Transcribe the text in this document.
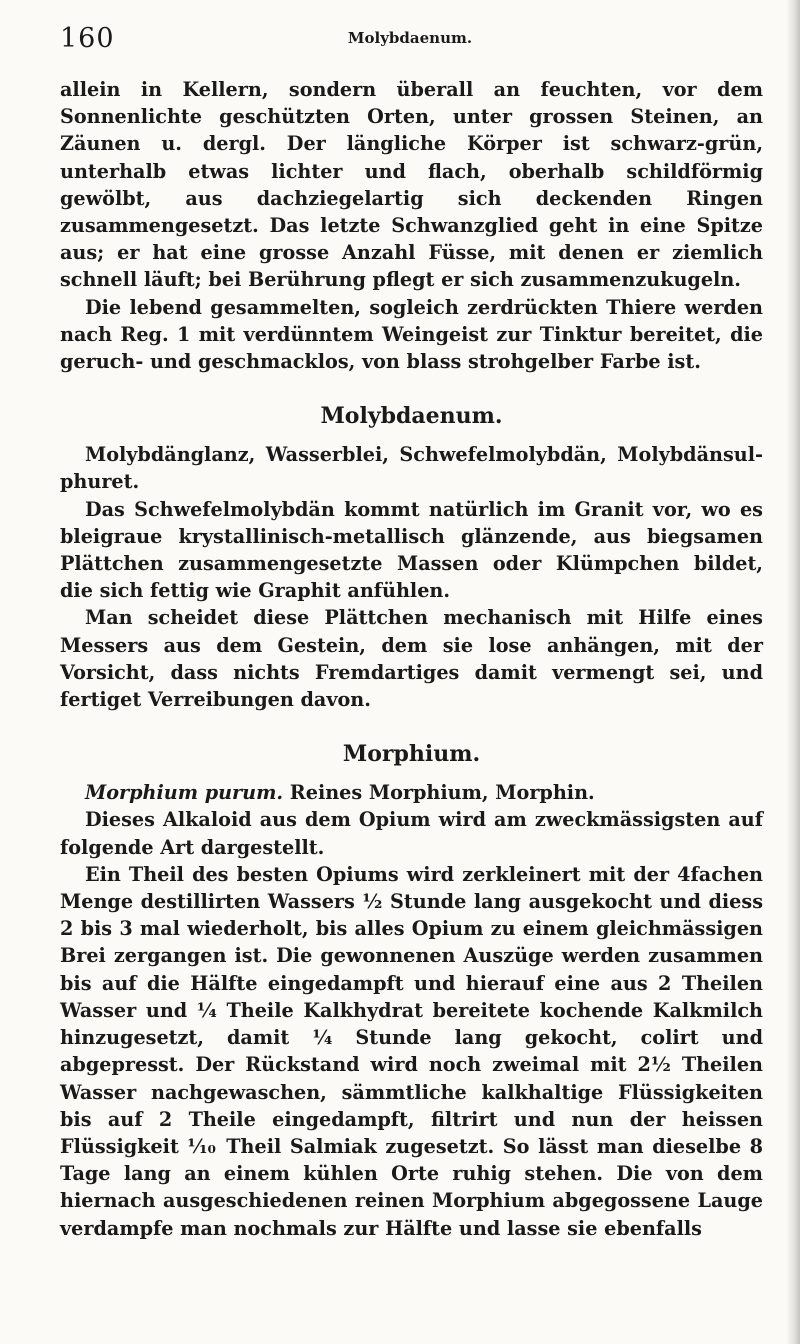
160	Molybdaenum.

allein in Kellern, sondern überall an feuchten, vor dem Sonnenlichte geschützten Orten, unter grossen Steinen, an Zäunen u. dergl. Der längliche Körper ist schwarz-grün, unterhalb etwas lichter und flach, oberhalb schildförmig gewölbt, aus dachziegelartig sich deckenden Ringen zusammengesetzt. Das letzte Schwanzglied geht in eine Spitze aus; er hat eine grosse Anzahl Füsse, mit denen er ziemlich schnell läuft; bei Berührung pflegt er sich zusammenzukugeln.

Die lebend gesammelten, sogleich zerdrückten Thiere werden nach Reg. 1 mit verdünntem Weingeist zur Tinktur bereitet, die geruch- und geschmacklos, von blass strohgelber Farbe ist.

Molybdaenum.

Molybdänglanz, Wasserblei, Schwefelmolybdän, Molybdänsulphuret.

Das Schwefelmolybdän kommt natürlich im Granit vor, wo es bleigraue krystallinisch-metallisch glänzende, aus biegsamen Plättchen zusammengesetzte Massen oder Klümpchen bildet, die sich fettig wie Graphit anfühlen.

Man scheidet diese Plättchen mechanisch mit Hilfe eines Messers aus dem Gestein, dem sie lose anhängen, mit der Vorsicht, dass nichts Fremdartiges damit vermengt sei, und fertiget Verreibungen davon.

Morphium.

Morphium purum. Reines Morphium, Morphin.

Dieses Alkaloid aus dem Opium wird am zweckmässigsten auf folgende Art dargestellt.

Ein Theil des besten Opiums wird zerkleinert mit der 4fachen Menge destillirten Wassers ½ Stunde lang ausgekocht und diess 2 bis 3 mal wiederholt, bis alles Opium zu einem gleichmässigen Brei zergangen ist. Die gewonnenen Auszüge werden zusammen bis auf die Hälfte eingedampft und hierauf eine aus 2 Theilen Wasser und ¼ Theile Kalkhydrat bereitete kochende Kalkmilch hinzugesetzt, damit ¼ Stunde lang gekocht, colirt und abgepresst. Der Rückstand wird noch zweimal mit 2½ Theilen Wasser nachgewaschen, sämmtliche kalkhaltige Flüssigkeiten bis auf 2 Theile eingedampft, filtrirt und nun der heissen Flüssigkeit ⅒ Theil Salmiak zugesetzt. So lässt man dieselbe 8 Tage lang an einem kühlen Orte ruhig stehen. Die von dem hiernach ausgeschiedenen reinen Morphium abgegossene Lauge verdampfe man nochmals zur Hälfte und lasse sie ebenfalls
